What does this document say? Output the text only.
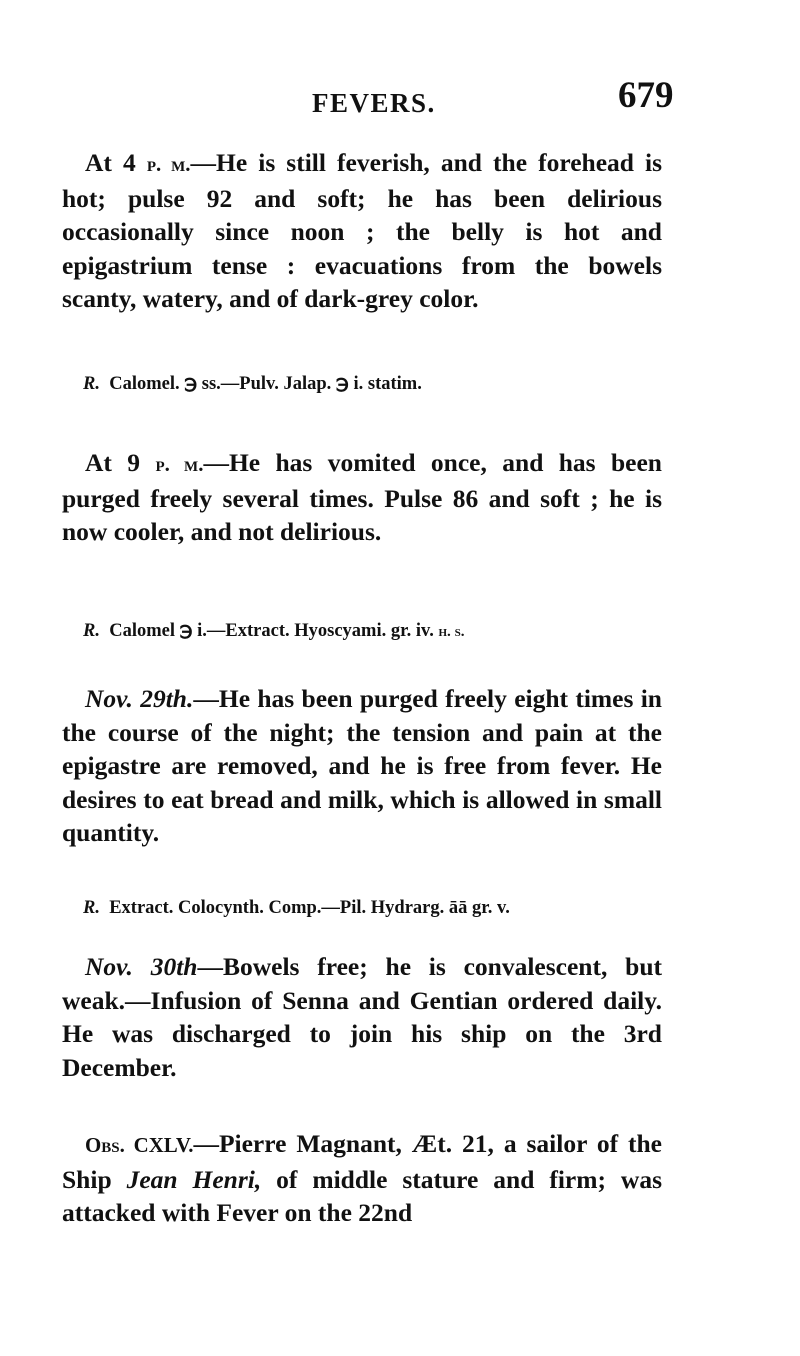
FEVERS.	679

At 4 p. m.—He is still feverish, and the forehead is hot; pulse 92 and soft; he has been delirious occasionally since noon ; the belly is hot and epigastrium tense : evacuations from the bowels scanty, watery, and of dark-grey color.

R. Calomel. ℈ ss.—Pulv. Jalap. ℈ i. statim.

At 9 p. m.—He has vomited once, and has been purged freely several times. Pulse 86 and soft ; he is now cooler, and not delirious.

R. Calomel ℈ i.—Extract. Hyoscyami. gr. iv. h. s.

Nov. 29th.—He has been purged freely eight times in the course of the night; the tension and pain at the epigastre are removed, and he is free from fever. He desires to eat bread and milk, which is allowed in small quantity.

R. Extract. Colocynth. Comp.—Pil. Hydrarg. āā gr. v.

Nov. 30th—Bowels free; he is convalescent, but weak.—Infusion of Senna and Gentian ordered daily. He was discharged to join his ship on the 3rd December.

Obs. CXLV.—Pierre Magnant, Æt. 21, a sailor of the Ship Jean Henri, of middle stature and firm; was attacked with Fever on the 22nd
